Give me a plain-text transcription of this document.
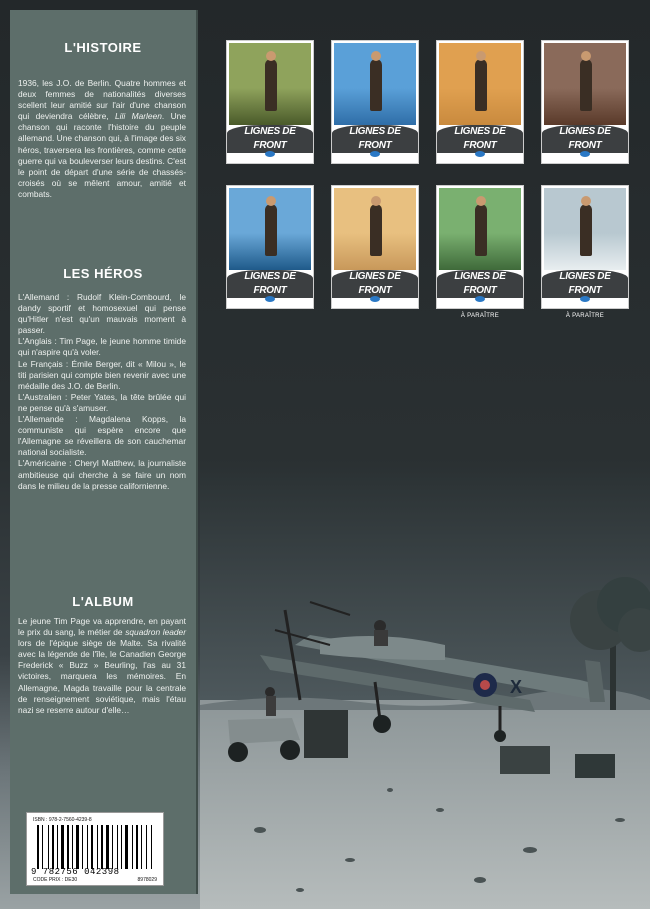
X
L'HISTOIRE

1936, les J.O. de Berlin. Quatre hommes et deux femmes de nationalités diverses scellent leur amitié sur l'air d'une chanson qui deviendra célèbre, Lili Marleen. Une chanson qui raconte l'histoire du peuple allemand. Une chanson qui, à l'image des six héros, traversera les frontières, comme cette guerre qui va bouleverser leurs destins. C'est le point de départ d'une série de chassés-croisés où se mêlent amour, amitié et combats.

LES HÉROS

L'Allemand : Rudolf Klein-Combourd, le dandy sportif et homosexuel qui pense qu'Hitler n'est qu'un mauvais moment à passer.

L'Anglais : Tim Page, le jeune homme timide qui n'aspire qu'à voler.

Le Français : Émile Berger, dit « Milou », le titi parisien qui compte bien revenir avec une médaille des J.O. de Berlin.

L'Australien : Peter Yates, la tête brûlée qui ne pense qu'à s'amuser.

L'Allemande : Magdalena Kopps, la communiste qui espère encore que l'Allemagne se réveillera de son cauchemar national socialiste.

L'Américaine : Cheryl Matthew, la journaliste ambitieuse qui cherche à se faire un nom dans le milieu de la presse californienne.

L'ALBUM

Le jeune Tim Page va apprendre, en payant le prix du sang, le métier de squadron leader lors de l'épique siège de Malte. Sa rivalité avec la légende de l'île, le Canadien George Frederick « Buzz » Beurling, l'as au 31 victoires, marquera les mémoires. En Allemagne, Magda travaille pour la centrale de renseignement soviétique, mais l'étau nazi se reserre autour d'elle…

ISBN : 978-2-7560-4239-8
9 782756 042398
CODE PRIX : DE30	8978029
LIGNES DE FRONT
LIGNES DE FRONT
LIGNES DE FRONT
LIGNES DE FRONT
LIGNES DE FRONT
LIGNES DE FRONT
LIGNES DE FRONT
À PARAÎTRE
LIGNES DE FRONT
À PARAÎTRE
